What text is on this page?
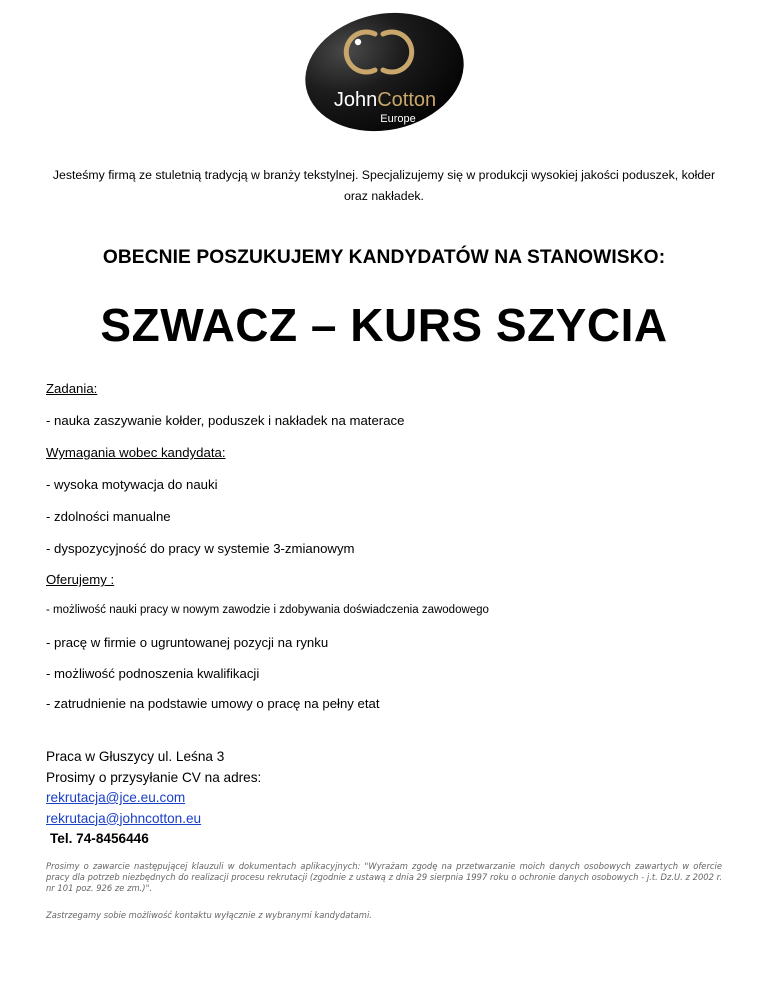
JohnCotton
Europe
Jesteśmy firmą ze stuletnią tradycją w branży tekstylnej. Specjalizujemy się w produkcji wysokiej jakości poduszek, kołder oraz nakładek.
OBECNIE POSZUKUJEMY KANDYDATÓW NA STANOWISKO:
SZWACZ – KURS SZYCIA
Zadania:
- nauka zaszywanie kołder, poduszek i nakładek na materace
Wymagania wobec kandydata:
- wysoka motywacja do nauki
- zdolności manualne
- dyspozycyjność do pracy w systemie 3-zmianowym
Oferujemy :
- możliwość nauki pracy w nowym zawodzie i zdobywania doświadczenia zawodowego
- pracę w firmie o ugruntowanej pozycji na rynku
- możliwość podnoszenia kwalifikacji
- zatrudnienie na podstawie umowy o pracę na pełny etat
Praca w Głuszycy ul. Leśna 3
Prosimy o przysyłanie CV na adres:
rekrutacja@jce.eu.com
rekrutacja@johncotton.eu
Tel. 74-8456446
Prosimy o zawarcie następującej klauzuli w dokumentach aplikacyjnych: "Wyrażam zgodę na przetwarzanie moich danych osobowych zawartych w ofercie pracy dla potrzeb niezbędnych do realizacji procesu rekrutacji (zgodnie z ustawą z dnia 29 sierpnia 1997 roku o ochronie danych osobowych - j.t. Dz.U. z 2002 r. nr 101 poz. 926 ze zm.)".
Zastrzegamy sobie możliwość kontaktu wyłącznie z wybranymi kandydatami.
